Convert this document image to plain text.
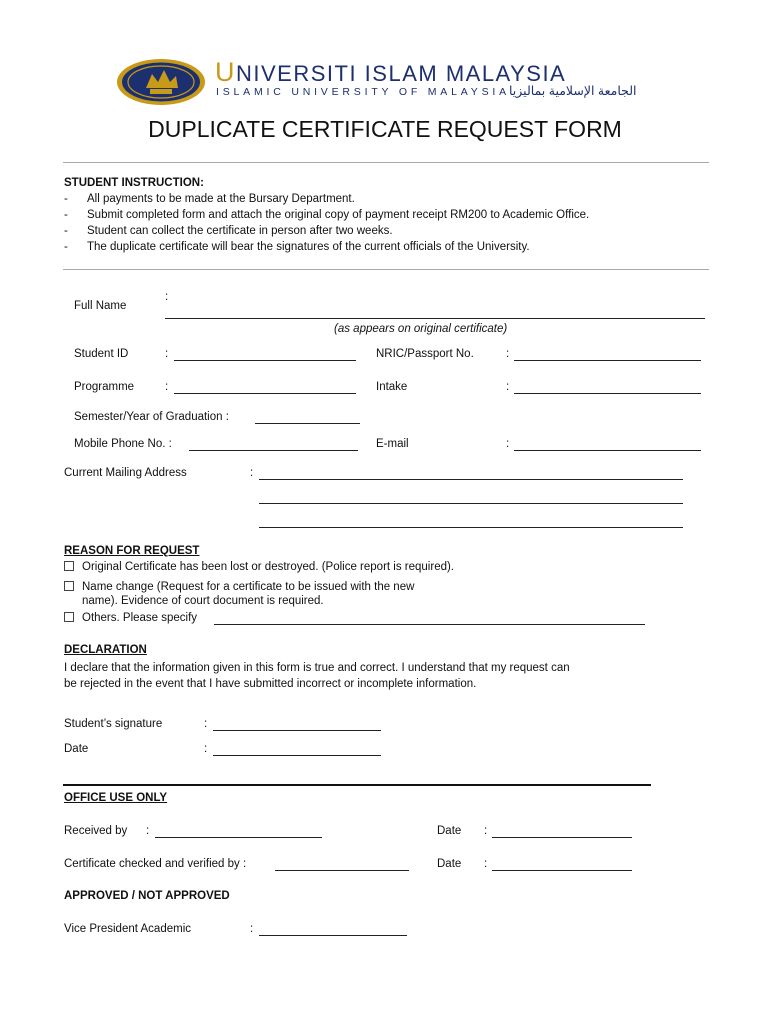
UNIVERSITI ISLAM MALAYSIA
ISLAMIC UNIVERSITY OF MALAYSIA الجامعة الإسلامية بماليزيا
DUPLICATE CERTIFICATE REQUEST FORM
STUDENT INSTRUCTION:
- All payments to be made at the Bursary Department.
- Submit completed form and attach the original copy of payment receipt RM200 to Academic Office.
- Student can collect the certificate in person after two weeks.
- The duplicate certificate will bear the signatures of the current officials of the University.
Full Name
:
(as appears on original certificate)
Student ID	:	NRIC/Passport No.	:
Programme	:	Intake	:
Semester/Year of Graduation :
Mobile Phone No. :	E-mail	:
Current Mailing Address	:
REASON FOR REQUEST
Original Certificate has been lost or destroyed. (Police report is required).
Name change (Request for a certificate to be issued with the new
name). Evidence of court document is required.
Others. Please specify
DECLARATION
I declare that the information given in this form is true and correct. I understand that my request can
be rejected in the event that I have submitted incorrect or incomplete information.
Student’s signature	:
Date	:
OFFICE USE ONLY
Received by :	Date :
Certificate checked and verified by :	Date :
APPROVED / NOT APPROVED
Vice President Academic	:
